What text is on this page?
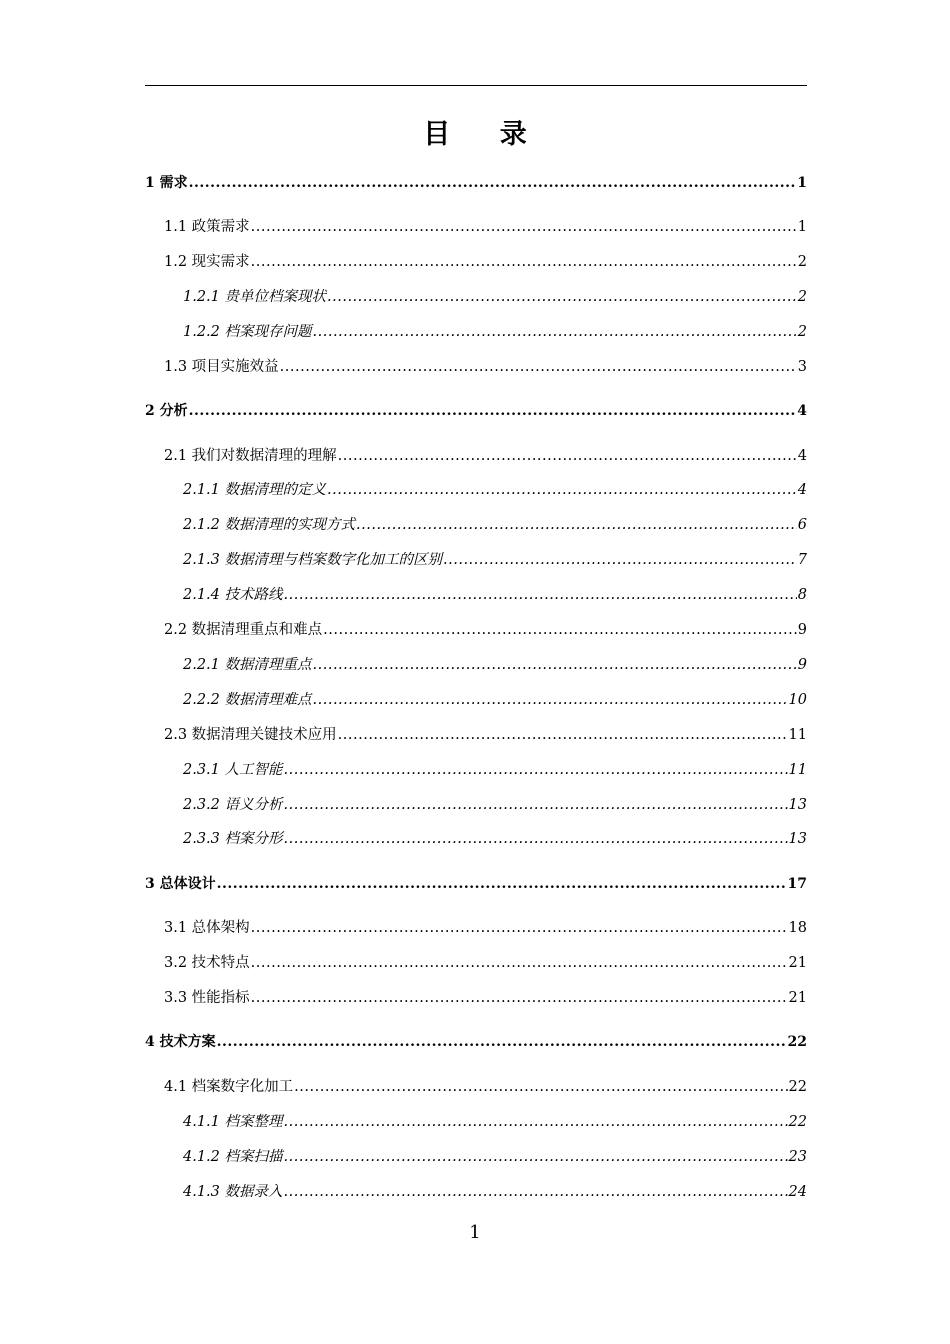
目 录
1 需求 .....	1
1.1 政策需求 .....	1
1.2 现实需求 .....	2
1.2.1 贵单位档案现状 .....	2
1.2.2 档案现存问题 .....	2
1.3 项目实施效益 .....	3
2 分析 .....	4
2.1 我们对数据清理的理解 .....	4
2.1.1 数据清理的定义 .....	4
2.1.2 数据清理的实现方式 .....	6
2.1.3 数据清理与档案数字化加工的区别 .....	7
2.1.4 技术路线 .....	8
2.2 数据清理重点和难点 .....	9
2.2.1 数据清理重点 .....	9
2.2.2 数据清理难点 .....	10
2.3 数据清理关键技术应用 .....	11
2.3.1 人工智能 .....	11
2.3.2 语义分析 .....	13
2.3.3 档案分形 .....	13
3 总体设计 .....	17
3.1 总体架构 .....	18
3.2 技术特点 .....	21
3.3 性能指标 .....	21
4 技术方案 .....	22
4.1 档案数字化加工 .....	22
4.1.1 档案整理 .....	22
4.1.2 档案扫描 .....	23
4.1.3 数据录入 .....	24
1
